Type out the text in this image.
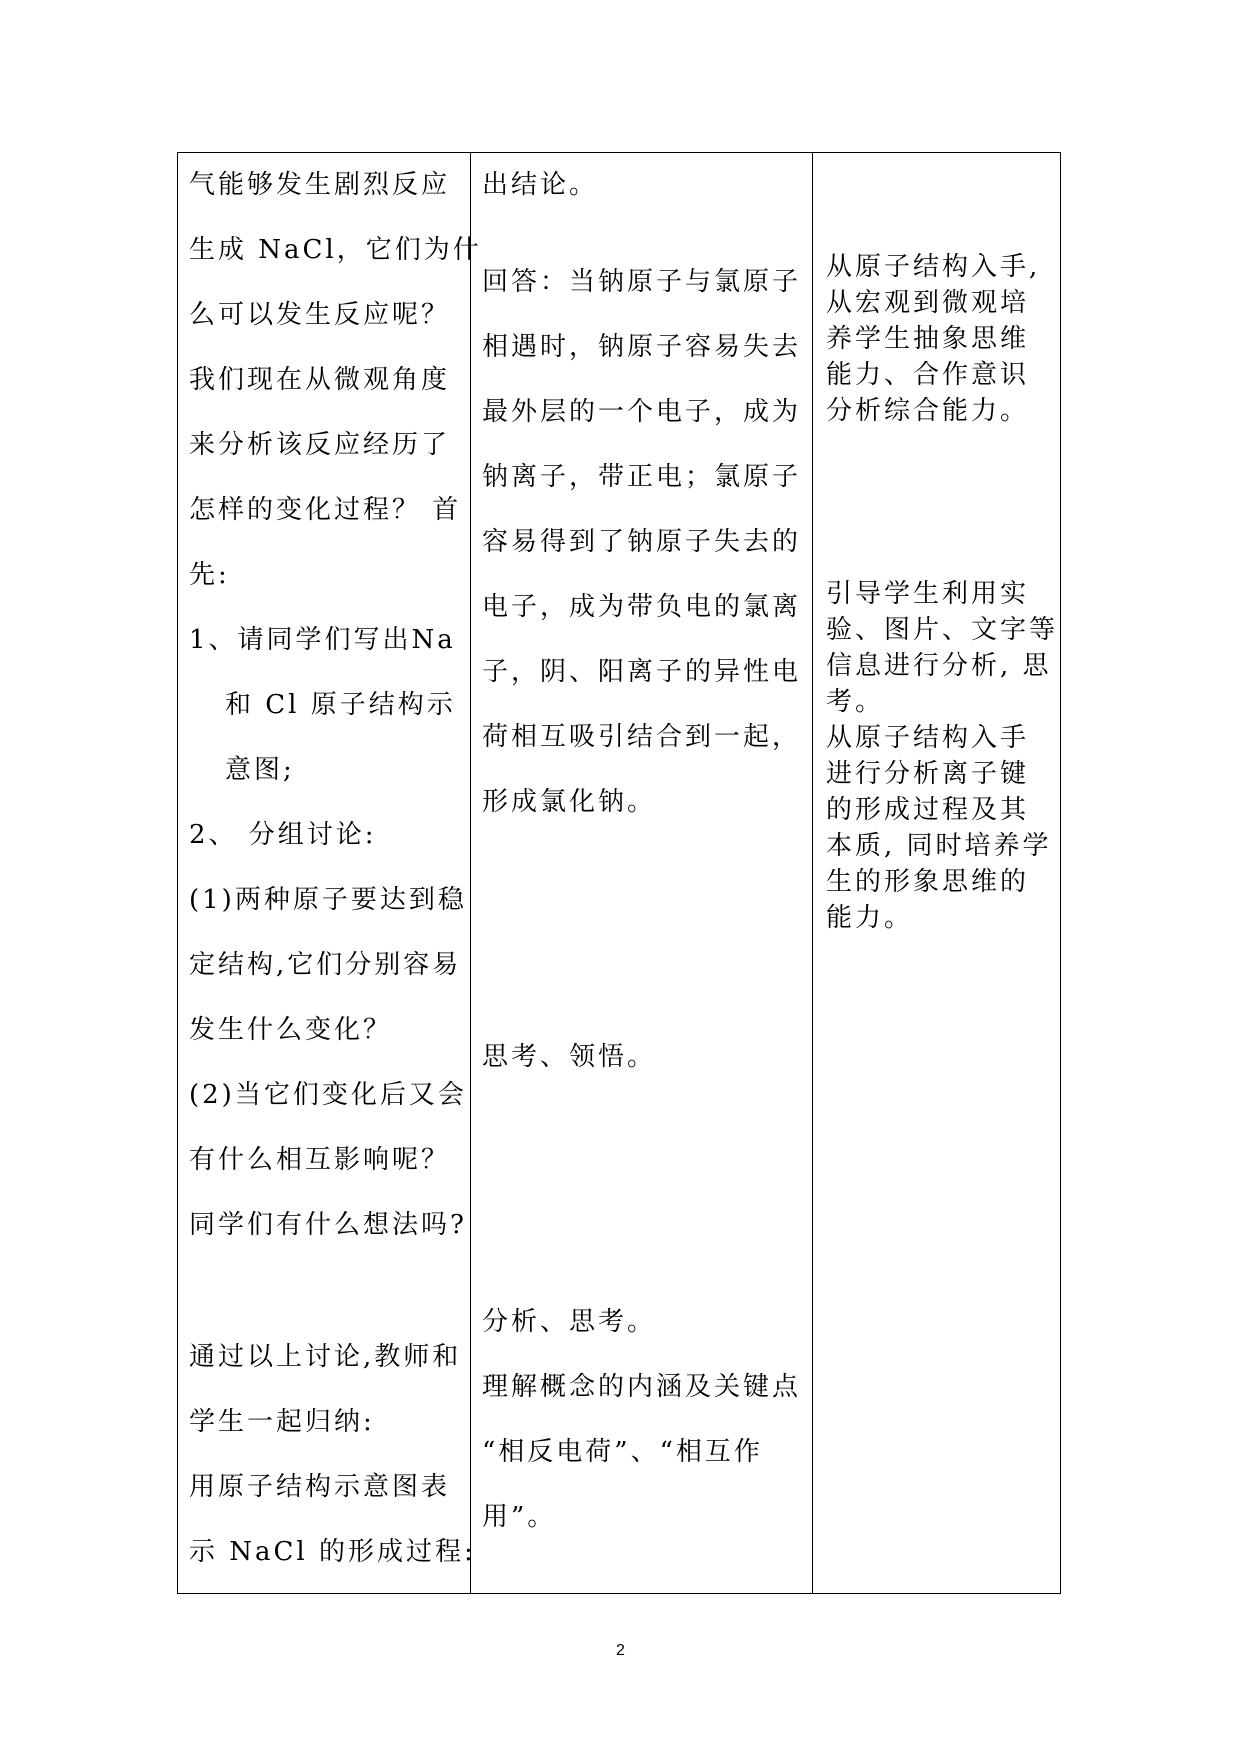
2
气能够发生剧烈反应
生成 NaCl，它们为什
么可以发生反应呢？
我们现在从微观角度
来分析该反应经历了
怎样的变化过程？ 首
先:
1、请同学们写出Na
和 Cl 原子结构示
意图;
2、 分组讨论:
(1)两种原子要达到稳
定结构,它们分别容易
发生什么变化？
(2)当它们变化后又会
有什么相互影响呢？
同学们有什么想法吗?
通过以上讨论,教师和
学生一起归纳:
用原子结构示意图表
示 NaCl 的形成过程:
出结论。
回答：当钠原子与氯原子
相遇时，钠原子容易失去
最外层的一个电子，成为
钠离子，带正电；氯原子
容易得到了钠原子失去的
电子，成为带负电的氯离
子，阴、阳离子的异性电
荷相互吸引结合到一起，
形成氯化钠。
思考、领悟。
分析、思考。
理解概念的内涵及关键点
“相反电荷”、“相互作
用”。
从原子结构入手,
从宏观到微观培
养学生抽象思维
能力、合作意识
分析综合能力。
引导学生利用实
验、图片、文字等
信息进行分析, 思
考。
从原子结构入手
进行分析离子键
的形成过程及其
本质, 同时培养学
生的形象思维的
能力。
